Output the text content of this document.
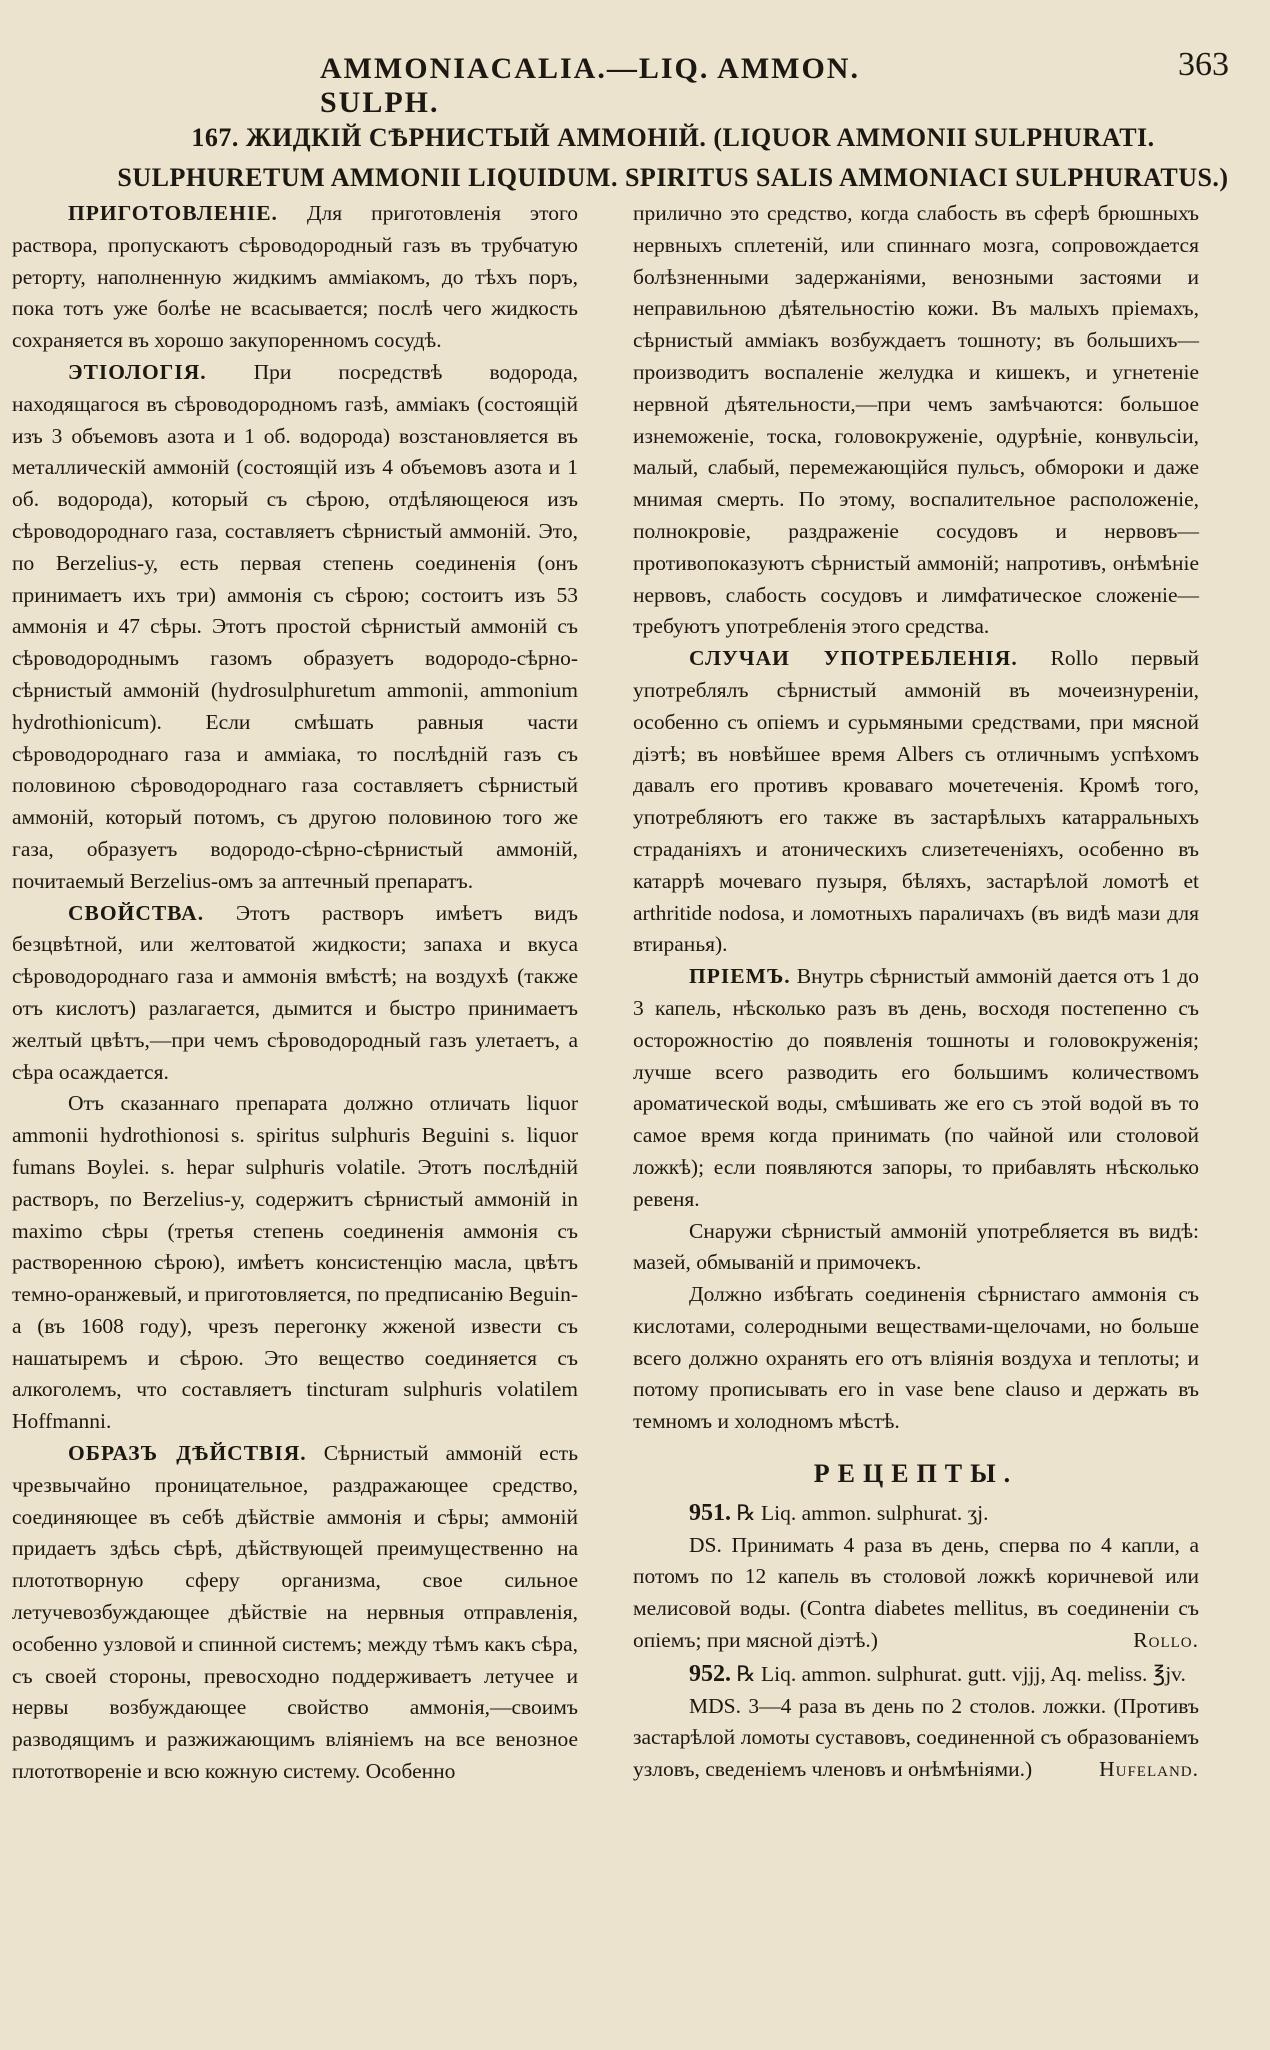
AMMONIACALIA.—LIQ. AMMON. SULPH.
363
167. ЖИДКІЙ СѢРНИСТЫЙ АММОНІЙ. (LIQUOR AMMONII SULPHURATI. SULPHURETUM AMMONII LIQUIDUM. SPIRITUS SALIS AMMONIACI SULPHURATUS.)

ПРИГОТОВЛЕНІЕ. Для приготовленія этого раствора, пропускаютъ сѣроводородный газъ въ трубчатую реторту, наполненную жидкимъ амміакомъ, до тѣхъ поръ, пока тотъ уже болѣе не всасывается; послѣ чего жидкость сохраняется въ хорошо закупоренномъ сосудѣ.

ЭТІОЛОГІЯ. При посредствѣ водорода, находящагося въ сѣроводородномъ газѣ, амміакъ (состоящій изъ 3 объемовъ азота и 1 об. водорода) возстановляется въ металлическій аммоній (состоящій изъ 4 объемовъ азота и 1 об. водорода), который съ сѣрою, отдѣляющеюся изъ сѣроводороднаго газа, составляетъ сѣрнистый аммоній. Это, по Berzelius-у, есть первая степень соединенія (онъ принимаетъ ихъ три) аммонія съ сѣрою; состоитъ изъ 53 аммонія и 47 сѣры. Этотъ простой сѣрнистый аммоній съ сѣроводороднымъ газомъ образуетъ водородо-сѣрно-сѣрнистый аммоній (hydrosulphuretum ammonii, ammonium hydrothionicum). Если смѣшать равныя части сѣроводороднаго газа и амміака, то послѣдній газъ съ половиною сѣроводороднаго газа составляетъ сѣрнистый аммоній, который потомъ, съ другою половиною того же газа, образуетъ водородо-сѣрно-сѣрнистый аммоній, почитаемый Berzelius-омъ за аптечный препаратъ.

СВОЙСТВА. Этотъ растворъ имѣетъ видъ безцвѣтной, или желтоватой жидкости; запаха и вкуса сѣроводороднаго газа и аммонія вмѣстѣ; на воздухѣ (также отъ кислотъ) разлагается, дымится и быстро принимаетъ желтый цвѣтъ,—при чемъ сѣроводородный газъ улетаетъ, а сѣра осаждается.

Отъ сказаннаго препарата должно отличать liquor ammonii hydrothionosi s. spiritus sulphuris Beguini s. liquor fumans Boylei. s. hepar sulphuris volatile. Этотъ послѣдній растворъ, по Berzelius-у, содержитъ сѣрнистый аммоній in maximo сѣры (третья степень соединенія аммонія съ растворенною сѣрою), имѣетъ консистенцію масла, цвѣтъ темно-оранжевый, и приготовляется, по предписанію Beguin-a (въ 1608 году), чрезъ перегонку жженой извести съ нашатыремъ и сѣрою. Это вещество соединяется съ алкоголемъ, что составляетъ tincturam sulphuris volatilem Hoffmanni.

ОБРАЗЪ ДѢЙСТВІЯ. Сѣрнистый аммоній есть чрезвычайно проницательное, раздражающее средство, соединяющее въ себѣ дѣйствіе аммонія и сѣры; аммоній придаетъ здѣсь сѣрѣ, дѣйствующей преимущественно на плототворную сферу организма, свое сильное летучевозбуждающее дѣйствіе на нервныя отправленія, особенно узловой и спинной системъ; между тѣмъ какъ сѣра, съ своей стороны, превосходно поддерживаетъ летучее и нервы возбуждающее свойство аммонія,—своимъ разводящимъ и разжижающимъ вліяніемъ на все венозное плототвореніе и всю кожную систему. Особенно

прилично это средство, когда слабость въ сферѣ брюшныхъ нервныхъ сплетеній, или спиннаго мозга, сопровождается болѣзненными задержаніями, венозными застоями и неправильною дѣятельностію кожи. Въ малыхъ пріемахъ, сѣрнистый амміакъ возбуждаетъ тошноту; въ большихъ—производитъ воспаленіе желудка и кишекъ, и угнетеніе нервной дѣятельности,—при чемъ замѣчаются: большое изнеможеніе, тоска, головокруженіе, одурѣніе, конвульсіи, малый, слабый, перемежающійся пульсъ, обмороки и даже мнимая смерть. По этому, воспалительное расположеніе, полнокровіе, раздраженіе сосудовъ и нервовъ—противопоказуютъ сѣрнистый аммоній; напротивъ, онѣмѣніе нервовъ, слабость сосудовъ и лимфатическое сложеніе—требуютъ употребленія этого средства.

СЛУЧАИ УПОТРЕБЛЕНІЯ. Rollo первый употреблялъ сѣрнистый аммоній въ мочеизнуреніи, особенно съ опіемъ и сурьмяными средствами, при мясной діэтѣ; въ новѣйшее время Albers съ отличнымъ успѣхомъ давалъ его противъ кровавaго мочетеченія. Кромѣ того, употребляютъ его также въ застарѣлыхъ катарральныхъ страданіяхъ и атоническихъ слизетеченіяхъ, особенно въ катаррѣ мочеваго пузыря, бѣляхъ, застарѣлой ломотѣ et arthritide nodosa, и ломотныхъ параличахъ (въ видѣ мази для втиранья).

ПРІЕМЪ. Внутрь сѣрнистый аммоній дается отъ 1 до 3 капель, нѣсколько разъ въ день, восходя постепенно съ осторожностію до появленія тошноты и головокруженія; лучше всего разводить его большимъ количествомъ ароматической воды, смѣшивать же его съ этой водой въ то самое время когда принимать (по чайной или столовой ложкѣ); если появляются запоры, то прибавлять нѣсколько ревеня.

Снаружи сѣрнистый аммоній употребляется въ видѣ: мазей, обмываній и примочекъ.

Должно избѣгать соединенія сѣрнистаго аммонія съ кислотами, солеродными веществами-щелочами, но больше всего должно охранять его отъ вліянія воздуха и теплоты; и потому прописывать его in vase bene clauso и держать въ темномъ и холодномъ мѣстѣ.

РЕЦЕПТЫ.

951. ℞ Liq. ammon. sulphurat. ʒj.

DS. Принимать 4 раза въ день, сперва по 4 капли, а потомъ по 12 капель въ столовой ложкѣ коричневой или мелисовой воды. (Contra diabetes mellitus, въ соединеніи съ опіемъ; при мясной діэтѣ.)	Rollo.

952. ℞ Liq. ammon. sulphurat. gutt. vjjj, Aq. meliss. ℥jv.

MDS. 3—4 раза въ день по 2 столов. ложки. (Противъ застарѣлой ломоты суставовъ, соединенной съ образованіемъ узловъ, сведеніемъ членовъ и онѣмѣніями.)	Hufeland.
